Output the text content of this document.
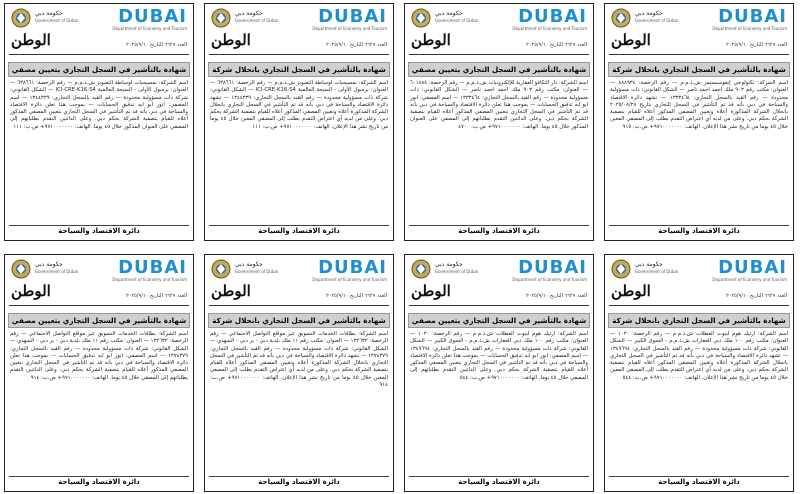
حكومة دبي
Government of Dubai DUBAI
Department of Economy and Tourism
الوطن	العدد ٦٦٢٩ التاريخ ٢٠٢٥/٩/١٠
شهادة بالتأشير في السجل التجاري بانحلال شركة
اسم الشركة: تكنولوجي إنفوسيستمز ش.ذ.م.م — رقم الرخصة: ٨٨٨٩٣٤ — العنوان: مكتب رقم ٩٠٣ ملك احمد احمد ناصر — الشكل القانوني: ذات مسؤولية محدودة — رقم القيد بالسجل التجاري: ١٣٣٣٤٦٤ — تشهد دائرة الاقتصاد والسياحة في دبي بأنه قد تم التأشير في السجل التجاري بتاريخ ٢٠٢٥/٠٨/٢٨ بانحلال الشركة المذكورة أعلاه وتعيين المصفي المذكور أعلاه للقيام بتصفية الشركة بحكم دبي. وعلى من لديه أي اعتراض التقدم بطلب إلى المصفي المعين خلال ٤٥ يوما من تاريخ نشر هذا الإعلان. الهاتف: ٩٧١٠٠٠٠٠٠٠+ ص.ب: ٩١٥
دائرة الاقتصاد والسياحة
حكومة دبي
Government of Dubai DUBAI
Department of Economy and Tourism
الوطن	العدد ٦٦٢٩ التاريخ ٢٠٢٥/٩/١٠
شهادة بالتأشير في السجل التجاري بتعيين مصفي
اسم الشركة: دار التكافؤ العقارية للإلكترونيات ش.ذ.م.م — رقم الرخصة: ٦٠١٨٨٨ — العنوان: مكتب رقم ٩٠٣ ملك احمد احمد ناصر — الشكل القانوني: ذات مسؤولية محدودة — رقم القيد بالسجل التجاري: ١٣٣٣٤٦٤ — اسم المصفي: انور ابو ايه تدقيق الحسابات — بموجب هذا تعلن دائرة الاقتصاد والسياحة في دبي بأنه قد تم التأشير في السجل التجاري بتعيين المصفي المذكور أعلاه للقيام بتصفية الشركة بحكم دبي. وعلى الدائنين التقدم بطلباتهم إلى المصفي على العنوان المذكور خلال ٤٥ يوما. الهاتف: ٩٧١٠٠٠٠٠٠٠+ ص.ب: ٤٧٠٠
دائرة الاقتصاد والسياحة
حكومة دبي
Government of Dubai DUBAI
Department of Economy and Tourism
الوطن	العدد ٦٦٢٩ التاريخ ٢٠٢٥/٩/١٠
شهادة بالتأشير في السجل التجاري بانحلال شركة
اسم الشركة: بمسيحيات لوساطة التصوير ش.ذ.م.م — رقم الرخصة: ٦٣٨٦٦١ — العنوان: برسول الأولى - السيحة العالمية ICI-CRE-K16-S4 — الشكل القانوني: شركة ذات مسؤولية محدودة — رقم القيد بالسجل التجاري: ١٣٤٤٣٣٩ — تشهد دائرة الاقتصاد والسياحة في دبي بأنه قد تم التأشير في السجل التجاري بانحلال الشركة المذكورة أعلاه وتعيين المصفي المذكور أعلاه للقيام بتصفية الشركة بحكم دبي. وعلى من لديه أي اعتراض التقدم بطلب إلى المصفي المعين خلال ٤٥ يوما من تاريخ نشر هذا الإعلان. الهاتف: ٩٧١٠٠٠٠٠٠٠+ ص.ب: ١١١
دائرة الاقتصاد والسياحة
حكومة دبي
Government of Dubai DUBAI
Department of Economy and Tourism
الوطن	العدد ٦٦٢٩ التاريخ ٢٠٢٥/٩/١٠
شهادة بالتأشير في السجل التجاري بتعيين مصفي
اسم الشركة: بمسيحيات لوساطة التصوير ش.ذ.م.م — رقم الرخصة: ٦٣٨٦٦١ — العنوان: برسول الأولى - السيحة العالمية ICI-CRE-K16-S4 — الشكل القانوني: شركة ذات مسؤولية محدودة — رقم القيد بالسجل التجاري: ١٣٤٤٣٣٩ — اسم المصفي: انور ابو ايه تدقيق الحسابات — بموجب هذا تعلن دائرة الاقتصاد والسياحة في دبي بأنه قد تم التأشير في السجل التجاري بتعيين المصفي المذكور أعلاه للقيام بتصفية الشركة بحكم دبي. وعلى الدائنين التقدم بطلباتهم إلى المصفي على العنوان المذكور خلال ٤٥ يوما. الهاتف: ٩٧١٠٠٠٠٠٠٠+ ص.ب: ١١١
دائرة الاقتصاد والسياحة
حكومة دبي
Government of Dubai DUBAI
Department of Economy and Tourism
الوطن	العدد ٦٦٢٩ التاريخ ٢٠٢٥/٩/١٠
شهادة بالتأشير في السجل التجاري بانحلال شركة
اسم الشركة: ارتيك هوم لبيوت العطلات ش.ذ.م.م — رقم الرخصة: ١٠٣٠ — العنوان: مكتب رقم ١٠٠ ملك دبي للعقارات ش.ذ.م.م - السوق الكبير — الشكل القانوني: شركة ذات مسؤولية محدودة — رقم القيد بالسجل التجاري: ١٣٤٩٦٩٤ — تشهد دائرة الاقتصاد والسياحة في دبي بأنه قد تم التأشير في السجل التجاري بانحلال الشركة المذكورة أعلاه وتعيين المصفي المذكور أعلاه للقيام بتصفية الشركة بحكم دبي. وعلى من لديه أي اعتراض التقدم بطلب إلى المصفي المعين خلال ٤٥ يوما من تاريخ نشر هذا الإعلان. الهاتف: ٩٧١٠٠٠٠٠٠٠+ ص.ب: ٥٤٤
دائرة الاقتصاد والسياحة
حكومة دبي
Government of Dubai DUBAI
Department of Economy and Tourism
الوطن	العدد ٦٦٢٩ التاريخ ٢٠٢٥/٩/١٠
شهادة بالتأشير في السجل التجاري بتعيين مصفي
اسم الشركة: ارتيك هوم لبيوت العطلات ش.ذ.م.م — رقم الرخصة: ١٠٣٠ — العنوان: مكتب رقم ١٠٠ ملك دبي للعقارات ش.ذ.م.م - السوق الكبير — الشكل القانوني: شركة ذات مسؤولية محدودة — رقم القيد بالسجل التجاري: ١٣٤٩٦٩٤ — اسم المصفي: انور ابو ايه تدقيق الحسابات — بموجب هذا تعلن دائرة الاقتصاد والسياحة في دبي بأنه قد تم التأشير في السجل التجاري بتعيين المصفي المذكور أعلاه للقيام بتصفية الشركة بحكم دبي. وعلى الدائنين التقدم بطلباتهم إلى المصفي خلال ٤٥ يوما. الهاتف: ٩٧١٠٠٠٠٠٠٠+ ص.ب: ٥٤٤
دائرة الاقتصاد والسياحة
حكومة دبي
Government of Dubai DUBAI
Department of Economy and Tourism
الوطن	العدد ٦٦٢٩ التاريخ ٢٠٢٥/٩/١٠
شهادة بالتأشير في السجل التجاري بانحلال شركة
اسم الشركة: بطاقات الخدمات التسويق عبر مواقع التواصل الاجتماعي — رقم الرخصة: ١٣٢٦٣٢ — العنوان: مكتب رقم ١١ ملك بلدية دبي - بر دبي - الشهدي — الشكل القانوني: شركة ذات مسؤولية محدودة — رقم القيد بالسجل التجاري: ١٣٧٤٣٧٩ — تشهد دائرة الاقتصاد والسياحة في دبي بأنه قد تم التأشير في السجل التجاري بانحلال الشركة المذكورة أعلاه وتعيين المصفي المذكور أعلاه للقيام بتصفية الشركة بحكم دبي. وعلى من لديه أي اعتراض التقدم بطلب إلى المصفي المعين خلال ٤٥ يوما من تاريخ نشر هذا الإعلان. الهاتف: ٩٧١٠٠٠٠٠٠٠+ ص.ب: ٩١٤
دائرة الاقتصاد والسياحة
حكومة دبي
Government of Dubai DUBAI
Department of Economy and Tourism
الوطن	العدد ٦٦٢٩ التاريخ ٢٠٢٥/٩/١٠
شهادة بالتأشير في السجل التجاري بتعيين مصفي
اسم الشركة: بطاقات الخدمات التسويق عبر مواقع التواصل الاجتماعي — رقم الرخصة: ١٣٢٦٣٢ — العنوان: مكتب رقم ١١ ملك بلدية دبي - بر دبي - الشهدي — الشكل القانوني: شركة ذات مسؤولية محدودة — رقم القيد بالسجل التجاري: ١٣٧٤٣٧٩ — اسم المصفي: انور ابو ايه تدقيق الحسابات — بموجب هذا تعلن دائرة الاقتصاد والسياحة في دبي بأنه قد تم التأشير في السجل التجاري بتعيين المصفي المذكور أعلاه للقيام بتصفية الشركة بحكم دبي. وعلى الدائنين التقدم بطلباتهم إلى المصفي خلال ٤٥ يوما. الهاتف: ٩٧١٠٠٠٠٠٠٠+ ص.ب: ٩١٤
دائرة الاقتصاد والسياحة
